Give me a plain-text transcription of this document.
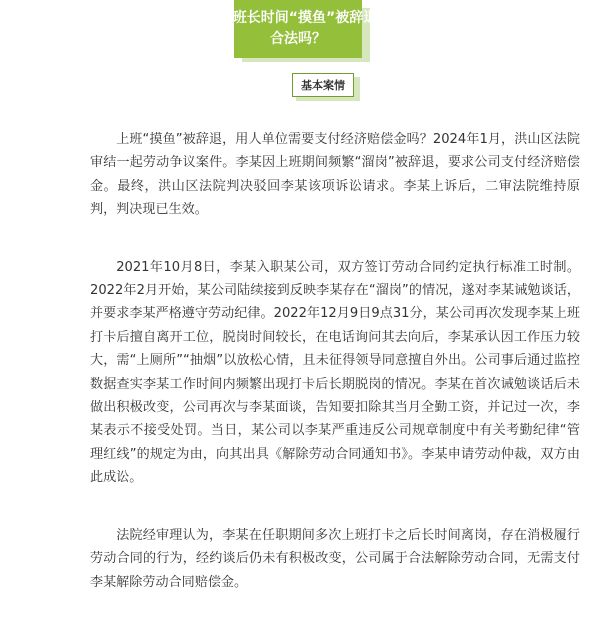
上班长时间“摸鱼”被辞退
合法吗？
基本案情

上班“摸鱼”被辞退，用人单位需要支付经济赔偿金吗？2024年1月，洪山区法院审结一起劳动争议案件。李某因上班期间频繁“溜岗”被辞退，要求公司支付经济赔偿金。最终，洪山区法院判决驳回李某该项诉讼请求。李某上诉后，二审法院维持原判，判决现已生效。

2021年10月8日，李某入职某公司，双方签订劳动合同约定执行标准工时制。2022年2月开始，某公司陆续接到反映李某存在“溜岗”的情况，遂对李某诫勉谈话，并要求李某严格遵守劳动纪律。2022年12月9日9点31分，某公司再次发现李某上班打卡后擅自离开工位，脱岗时间较长，在电话询问其去向后，李某承认因工作压力较大，需“上厕所”“抽烟”以放松心情，且未征得领导同意擅自外出。公司事后通过监控数据查实李某工作时间内频繁出现打卡后长期脱岗的情况。李某在首次诫勉谈话后未做出积极改变，公司再次与李某面谈，告知要扣除其当月全勤工资，并记过一次，李某表示不接受处罚。当日，某公司以李某严重违反公司规章制度中有关考勤纪律“管理红线”的规定为由，向其出具《解除劳动合同通知书》。李某申请劳动仲裁，双方由此成讼。

法院经审理认为，李某在任职期间多次上班打卡之后长时间离岗，存在消极履行劳动合同的行为，经约谈后仍未有积极改变，公司属于合法解除劳动合同，无需支付李某解除劳动合同赔偿金。
